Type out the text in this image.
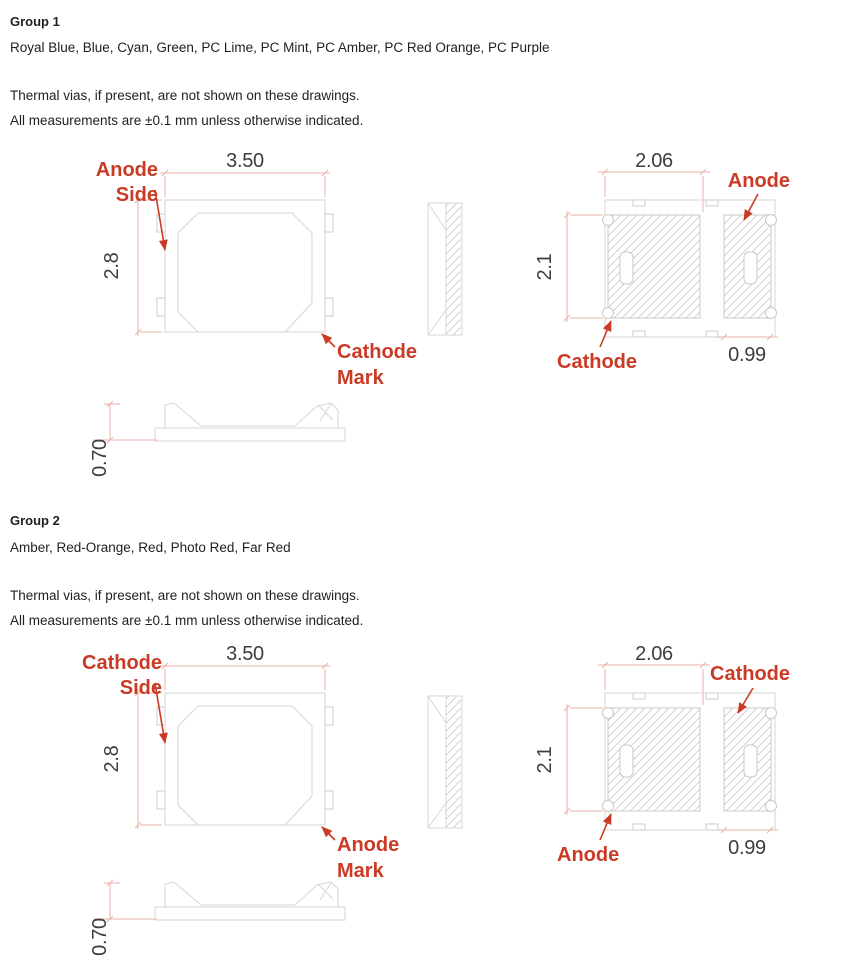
Group 1
Royal Blue, Blue, Cyan, Green, PC Lime, PC Mint, PC Amber, PC Red Orange, PC Purple
Thermal vias, if present, are not shown on these drawings.
All measurements are ±0.1 mm unless otherwise indicated.
3.50
2.8
Anode
Side
Cathode
Mark
2.06
2.1
0.99
Anode
Cathode
0.70
Group 2
Amber, Red-Orange, Red, Photo Red, Far Red
Thermal vias, if present, are not shown on these drawings.
All measurements are ±0.1 mm unless otherwise indicated.
3.50
2.8
Cathode
Side
Anode
Mark
2.06
2.1
0.99
Cathode
Anode
0.70
